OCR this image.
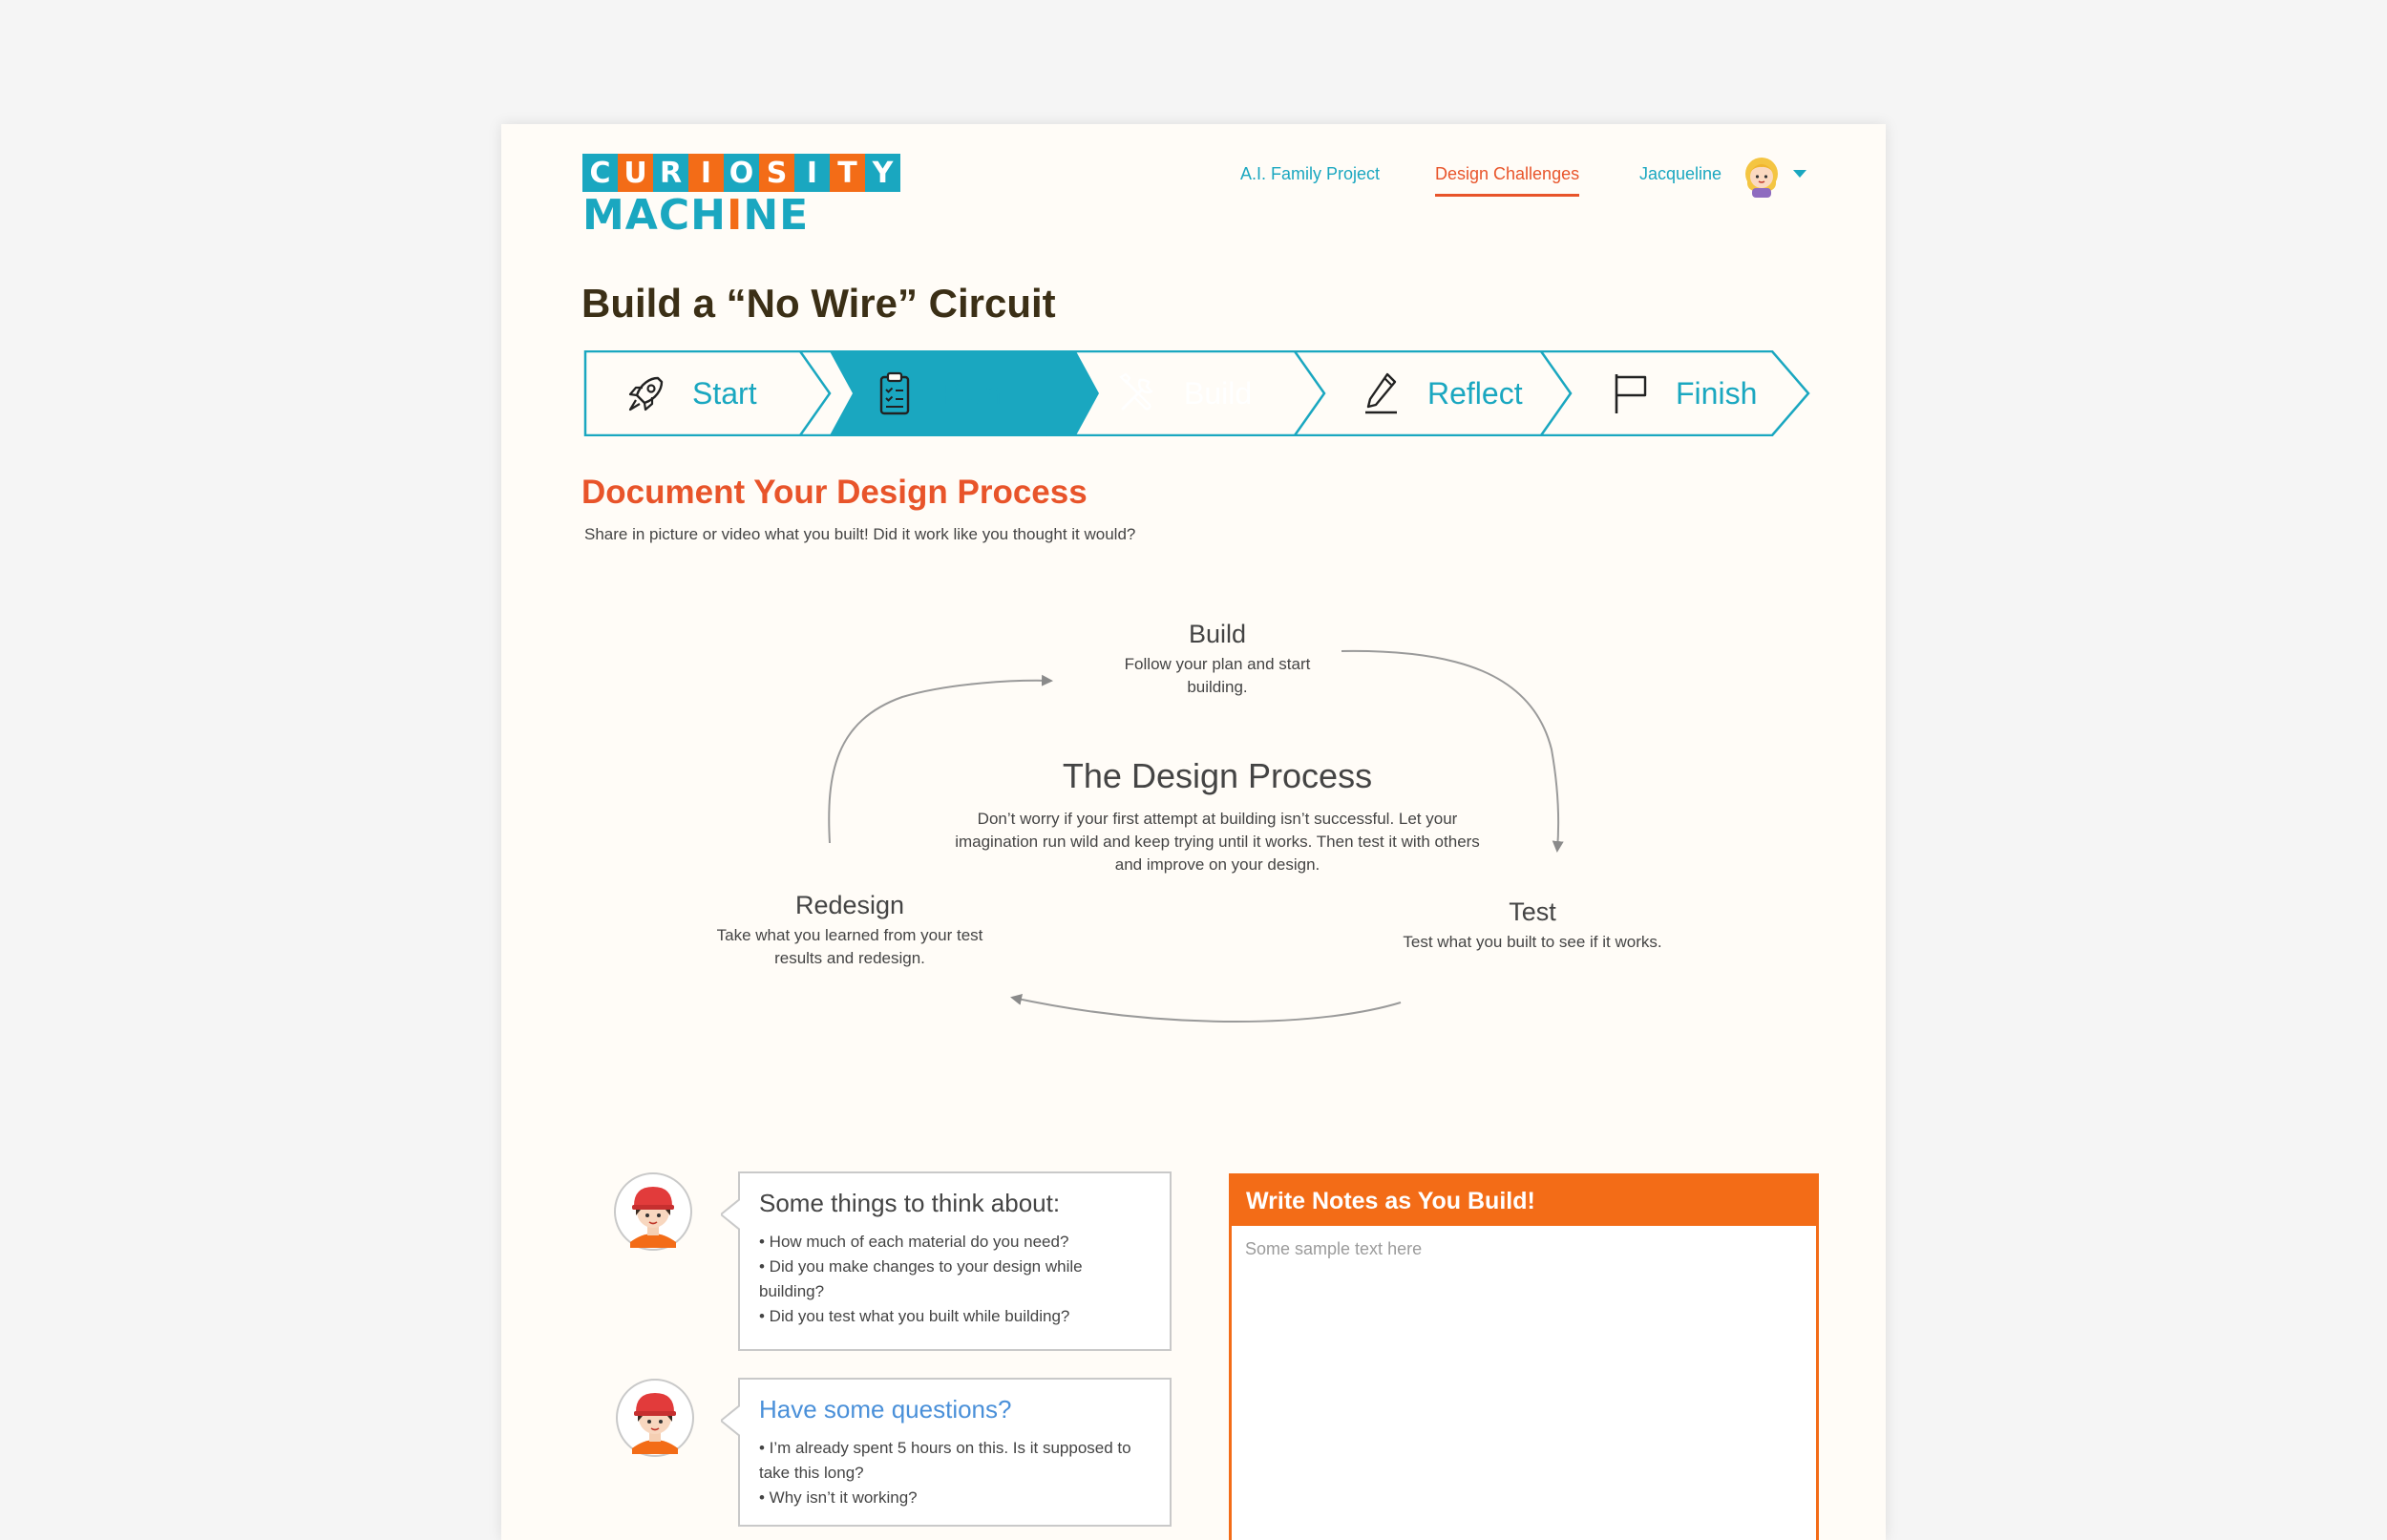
C U R I O S I T Y
MACHINE
A.I. Family Project	Design Challenges	Jacqueline
Build a “No Wire” Circuit
Start	Plan	Build	Reflect	Finish
Document Your Design Process

Share in picture or video what you built! Did it work like you thought it would?

Build
Follow your plan and start building.
The Design Process
Don’t worry if your first attempt at building isn’t successful. Let your imagination run wild and keep trying until it works. Then test it with others and improve on your design.
Test
Test what you built to see if it works.
Redesign
Take what you learned from your test results and redesign.
Some things to think about:
• How much of each material do you need?
• Did you make changes to your design while building?
• Did you test what you built while building?
Have some questions?
• I’m already spent 5 hours on this. Is it supposed to take this long?
• Why isn’t it working?
Write Notes as You Build!
Some sample text here
